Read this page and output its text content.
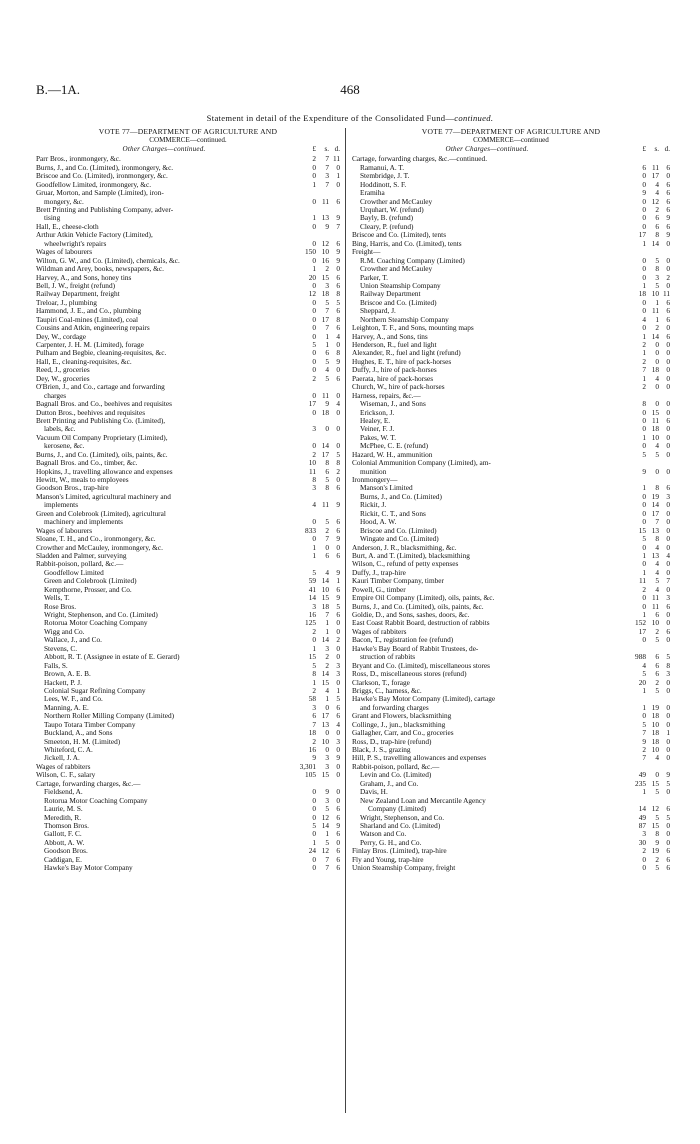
B.—1A.	468
Statement in detail of the Expenditure of the Consolidated Fund—continued.
VOTE 77—DEPARTMENT OF AGRICULTURE AND
COMMERCE—continued.
Other Charges—continued.	£	s. d.
Parr Bros., ironmongery, &c.	2	7 11
Burns, J., and Co. (Limited), ironmongery, &c.	0	7	0
Briscoe and Co. (Limited), ironmongery, &c.	0	3	1
Goodfellow Limited, ironmongery, &c.	1	7	0
Gruar, Morton, and Sample (Limited), iron-
mongery, &c.	0 11	6
Brett Printing and Publishing Company, adver-
tising	1 13	9
Hall, E., cheese-cloth	0	9	7
Arthur Atkin Vehicle Factory (Limited),
wheelwright's repairs	0 12	6
Wages of labourers	150 10	9
Wilton, G. W., and Co. (Limited), chemicals, &c.	0 16	9
Wildman and Arey, books, newspapers, &c.	1	2	0
Harvey, A., and Sons, honey tins	20 15	6
Bell, J. W., freight (refund)	0	3	6
Railway Department, freight	12 18	8
Treloar, J., plumbing	0	5	5
Hammond, J. E., and Co., plumbing	0	7	6
Taupiri Coal-mines (Limited), coal	0 17	8
Cousins and Atkin, engineering repairs	0	7	6
Dey, W., cordage	0	1	4
Carpenter, J. H. M. (Limited), forage	5	1	0
Pulham and Begbie, cleaning-requisites, &c.	0	6	8
Hall, E., cleaning-requisites, &c.	0	5	9
Reed, J., groceries	0	4	0
Dey, W., groceries	2	5	6
O'Brien, J., and Co., cartage and forwarding
charges	0 11	0
Bagnall Bros. and Co., beehives and requisites	17	9	4
Dutton Bros., beehives and requisites	0 18	0
Brett Printing and Publishing Co. (Limited),
labels, &c.	3	0	0
Vacuum Oil Company Proprietary (Limited),
kerosene, &c.	0 14	0
Burns, J., and Co. (Limited), oils, paints, &c.	2 17	5
Bagnall Bros. and Co., timber, &c.	10	8	8
Hopkins, J., travelling allowance and expenses	11	6	2
Hewitt, W., meals to employees	8	5	0
Goodson Bros., trap-hire	3	8	6
Manson's Limited, agricultural machinery and
implements	4 11	9
Green and Colebrook (Limited), agricultural
machinery and implements	0	5	6
Wages of labourers	833	2	6
Sloane, T. H., and Co., ironmongery, &c.	0	7	9
Crowther and McCauley, ironmongery, &c.	1	0	0
Sladden and Palmer, surveying	1	6	6
Rabbit-poison, pollard, &c.—
Goodfellow Limited	5	4	9
Green and Colebrook (Limited)	59 14	1
Kempthorne, Prosser, and Co.	41 10	6
Wells, T.	14 15	9
Rose Bros.	3 18	5
Wright, Stephenson, and Co. (Limited)	16	7	6
Rotorua Motor Coaching Company	125	1	0
Wigg and Co.	2	1	0
Wallace, J., and Co.	0 14	2
Stevens, C.	1	3	0
Abbott, R. T. (Assignee in estate of E. Gerard)	15	2	0
Falls, S.	5	2	3
Brown, A. E. B.	8 14	3
Hackett, P. J.	1 15	0
Colonial Sugar Refining Company	2	4	1
Lees, W. F., and Co.	58	1	5
Manning, A. E.	3	0	6
Northern Roller Milling Company (Limited)	6 17	6
Taupo Totara Timber Company	7 13	4
Buckland, A., and Sons	18	0	0
Smeeton, H. M. (Limited)	2 10	3
Whiteford, C. A.	16	0	0
Jickell, J. A.	9	3	9
Wages of rabbiters	3,301	3	0
Wilson, C. F., salary	105 15	0
Cartage, forwarding charges, &c.—
Fieldsend, A.	0	9	0
Rotorua Motor Coaching Company	0	3	0
Laurie, M. S.	0	5	6
Meredith, R.	0 12	6
Thomson Bros.	5 14	9
Gallott, F. C.	0	1	6
Abbott, A. W.	1	5	0
Goodson Bros.	24 12	6
Caddigan, E.	0	7	6
Hawke's Bay Motor Company	0	7	6
VOTE 77—DEPARTMENT OF AGRICULTURE AND
COMMERCE—continued
Other Charges—continued.	£	s. d.
Cartage, forwarding charges, &c.—continued.
Ramanui, A. T.	6 11	6
Stembridge, J. T.	0 17	0
Hoddinott, S. F.	0	4	6
Eramiha	9	4	6
Crowther and McCauley	0 12	6
Urquhart, W. (refund)	0	2	6
Bayly, B. (refund)	0	6	9
Cleary, P. (refund)	0	6	6
Briscoe and Co. (Limited), tents	17	8	9
Bing, Harris, and Co. (Limited), tents	1 14	0
Freight—
R.M. Coaching Company (Limited)	0	5	0
Crowther and McCauley	0	8	0
Parker, T.	0	3	2
Union Steamship Company	1	5	0
Railway Department	18 10 11
Briscoe and Co. (Limited)	0	1	6
Sheppard, J.	0 11	6
Northern Steamship Company	4	1	6
Leighton, T. F., and Sons, mounting maps	0	2	0
Harvey, A., and Sons, tins	1 14	6
Henderson, R., fuel and light	2	0	0
Alexander, R., fuel and light (refund)	1	0	0
Hughes, E. T., hire of pack-horses	2	0	0
Duffy, J., hire of pack-horses	7 18	0
Paerata, hire of pack-horses	1	4	0
Church, W., hire of pack-horses	2	0	0
Harness, repairs, &c.—
Wiseman, J., and Sons	8	0	0
Erickson, J.	0 15	0
Healey, E.	0 11	6
Veiner, F. J.	0 18	0
Pakes, W. T.	1 10	0
McPhee, C. E. (refund)	0	4	0
Hazard, W. H., ammunition	5	5	0
Colonial Ammunition Company (Limited), am-
munition	9	0	0
Ironmongery—
Manson's Limited	1	8	6
Burns, J., and Co. (Limited)	0 19	3
Rickit, J.	0 14	0
Rickit, C. T., and Sons	0 17	0
Hood, A. W.	0	7	0
Briscoe and Co. (Limited)	15 13	0
Wingate and Co. (Limited)	5	8	0
Anderson, J. R., blacksmithing, &c.	0	4	0
Burt, A. and T. (Limited), blacksmithing	1 13	4
Wilson, C., refund of petty expenses	0	4	0
Duffy, J., trap-hire	1	4	0
Kauri Timber Company, timber	11	5	7
Powell, G., timber	2	4	0
Empire Oil Company (Limited), oils, paints, &c.	0 11	3
Burns, J., and Co. (Limited), oils, paints, &c.	0 11	6
Goldie, D., and Sons, sashes, doors, &c.	1	6	0
East Coast Rabbit Board, destruction of rabbits	152 10	0
Wages of rabbiters	17	2	6
Bacon, T., registration fee (refund)	0	5	0
Hawke's Bay Board of Rabbit Trustees, de-
struction of rabbits	988	6	5
Bryant and Co. (Limited), miscellaneous stores	4	6	8
Ross, D., miscellaneous stores (refund)	5	6	3
Clarkson, T., forage	20	2	0
Briggs, C., harness, &c.	1	5	0
Hawke's Bay Motor Company (Limited), cartage
and forwarding charges	1 19	0
Grant and Flowers, blacksmithing	0 18	0
Collinge, J., jun., blacksmithing	5 10	0
Gallagher, Carr, and Co., groceries	7 18	1
Ross, D., trap-hire (refund)	9 18	0
Black, J. S., grazing	2 10	0
Hill, P. S., travelling allowances and expenses	7	4	0
Rabbit-poison, pollard, &c.—
Levin and Co. (Limited)	49	0	9
Graham, J., and Co.	235 15	5
Davis, H.	1	5	0
New Zealand Loan and Mercantile Agency
Company (Limited)	14 12	6
Wright, Stephenson, and Co.	49	5	5
Sharland and Co. (Limited)	87 15	0
Watson and Co.	3	8	0
Perry, G. H., and Co.	30	9	0
Finlay Bros. (Limited), trap-hire	2 19	6
Fly and Young, trap-hire	0	2	6
Union Steamship Company, freight	0	5	6
